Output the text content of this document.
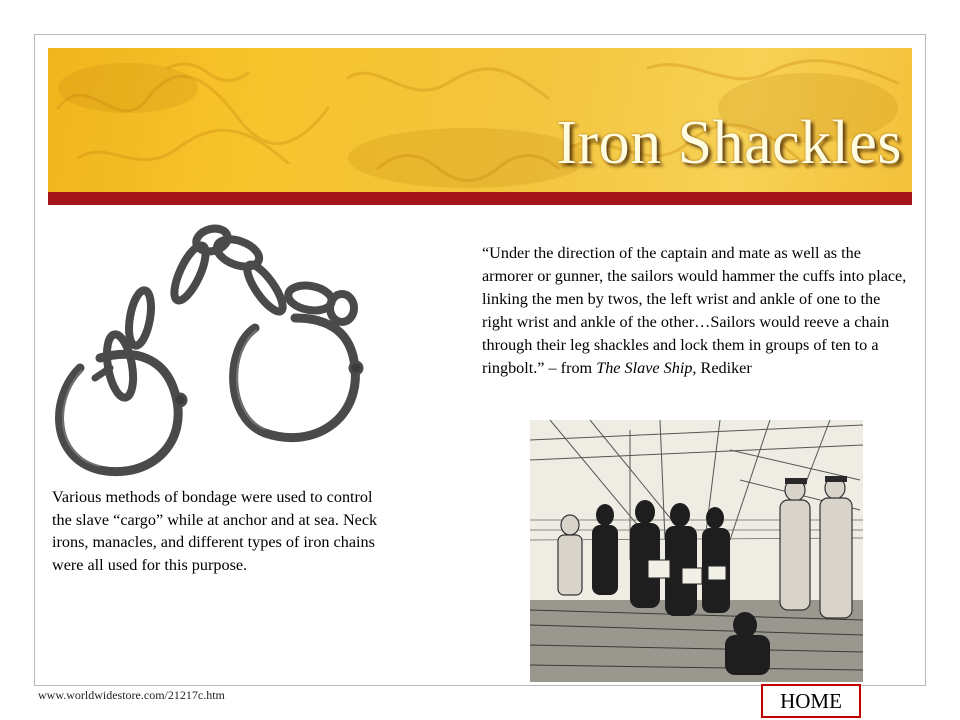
Iron Shackles

Various methods of bondage were used to control the slave “cargo” while at anchor and at sea. Neck irons, manacles, and different types of iron chains were all used for this purpose.

“Under the direction of the captain and mate as well as the armorer or gunner, the sailors would hammer the cuffs into place, linking the men by twos, the left wrist and ankle of one to the right wrist and ankle of the other…Sailors would reeve a chain through their leg shackles and lock them in groups of ten to a ringbolt.” – from The Slave Ship, Rediker

www.worldwidestore.com/21217c.htm	HOME
